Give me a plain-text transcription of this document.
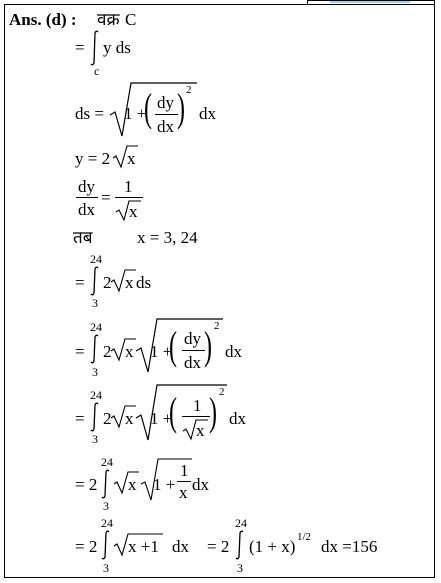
Ans. (d) : वक्र C
= y ds
c
ds = 1 +
( dy
dx ) 2
dx
y = 2 x
dy
dx
=
1
x
तब	x = 3, 24
=
24
3
2 x ds
=
24
3
2 x 1 +
( dy
dx ) 2
dx
=
24
3
2 x 1 +
( 1
x ) 2
dx
= 2
24
3
x 1 +
1
x dx
= 2
24
3
x +1 dx = 2
24
3
(1 + x) 1/2 dx =156
